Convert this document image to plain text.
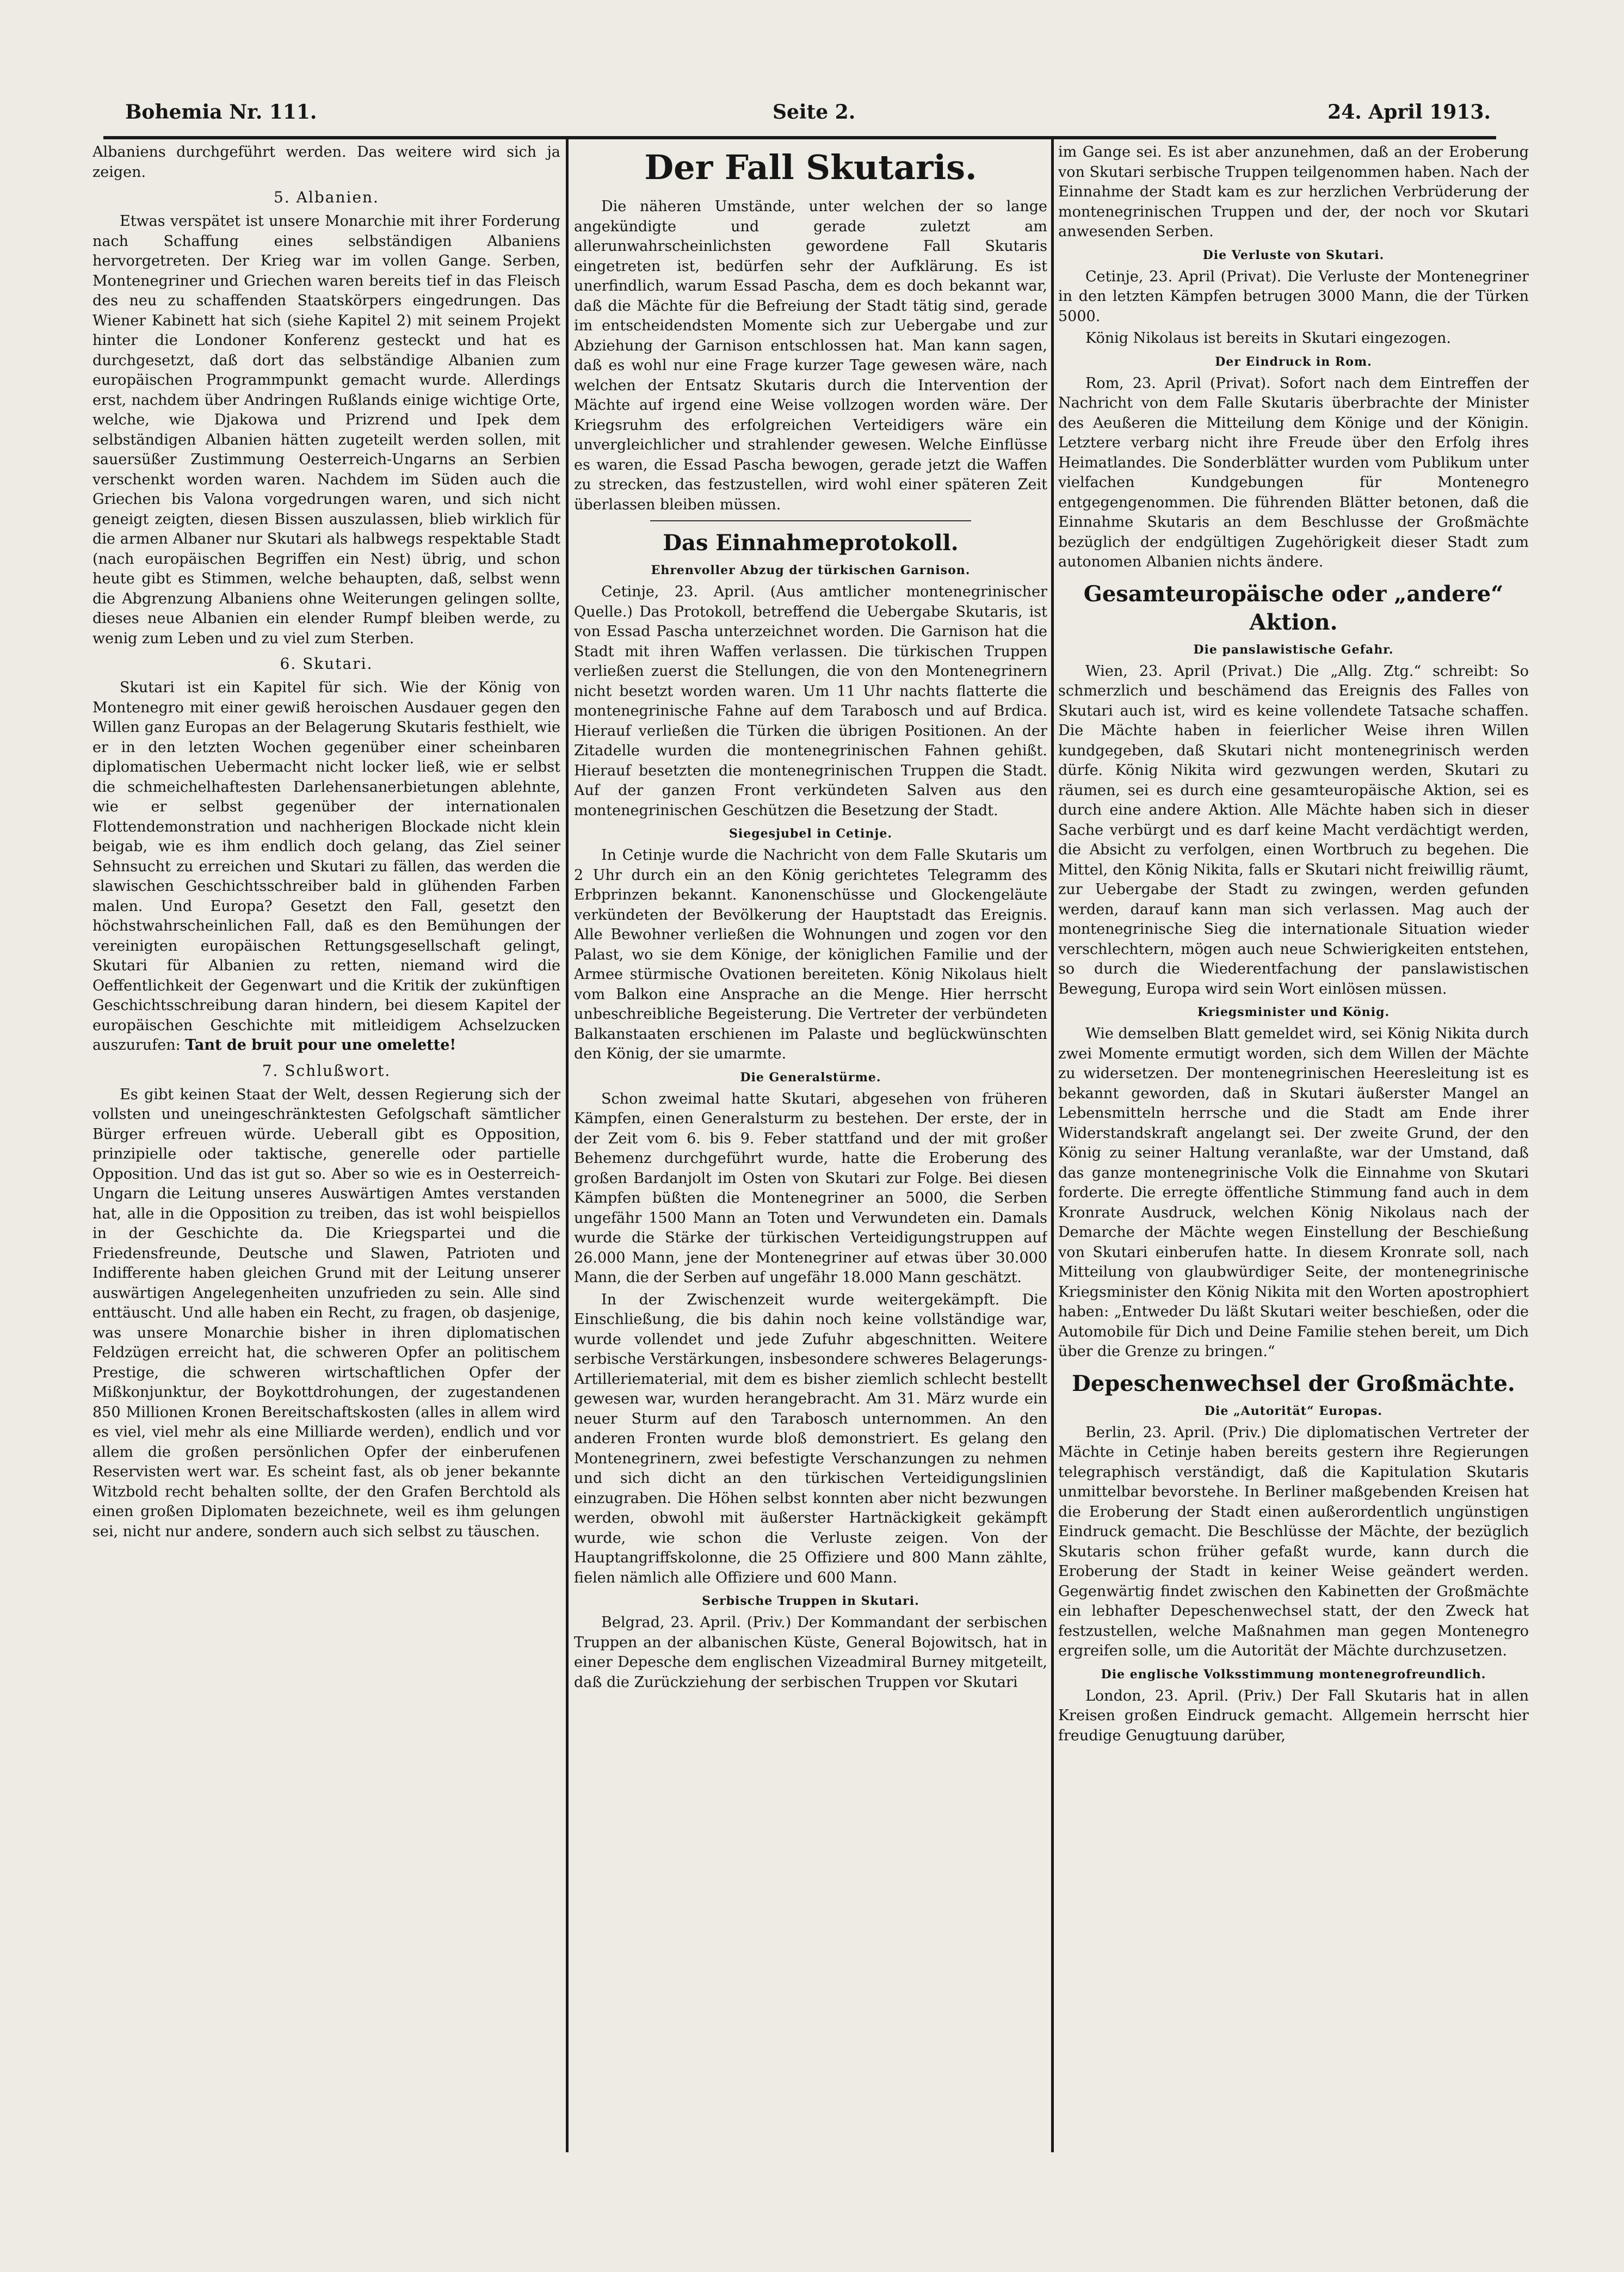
Bohemia Nr. 111.	Seite 2.	24. April 1913.

Albaniens durchgeführt werden. Das weitere wird sich ja zeigen.

5. Albanien.

Etwas verspätet ist unsere Monarchie mit ihrer Forderung nach Schaffung eines selbständigen Albaniens hervorgetreten. Der Krieg war im vollen Gange. Serben, Montenegriner und Griechen waren bereits tief in das Fleisch des neu zu schaffenden Staatskörpers eingedrungen. Das Wiener Kabinett hat sich (siehe Kapitel 2) mit seinem Projekt hinter die Londoner Konferenz gesteckt und hat es durchgesetzt, daß dort das selbständige Albanien zum europäischen Programmpunkt gemacht wurde. Allerdings erst, nachdem über Andringen Rußlands einige wichtige Orte, welche, wie Djakowa und Prizrend und Ipek dem selbständigen Albanien hätten zugeteilt werden sollen, mit sauersüßer Zustimmung Oesterreich-Ungarns an Serbien verschenkt worden waren. Nachdem im Süden auch die Griechen bis Valona vorgedrungen waren, und sich nicht geneigt zeigten, diesen Bissen auszulassen, blieb wirklich für die armen Albaner nur Skutari als halbwegs respektable Stadt (nach europäischen Begriffen ein Nest) übrig, und schon heute gibt es Stimmen, welche behaupten, daß, selbst wenn die Abgrenzung Albaniens ohne Weiterungen gelingen sollte, dieses neue Albanien ein elender Rumpf bleiben werde, zu wenig zum Leben und zu viel zum Sterben.

6. Skutari.

Skutari ist ein Kapitel für sich. Wie der König von Montenegro mit einer gewiß heroischen Ausdauer gegen den Willen ganz Europas an der Belagerung Skutaris festhielt, wie er in den letzten Wochen gegenüber einer scheinbaren diplomatischen Uebermacht nicht locker ließ, wie er selbst die schmeichelhaftesten Darlehensanerbietungen ablehnte, wie er selbst gegenüber der internationalen Flottendemonstration und nachherigen Blockade nicht klein beigab, wie es ihm endlich doch gelang, das Ziel seiner Sehnsucht zu erreichen und Skutari zu fällen, das werden die slawischen Geschichtsschreiber bald in glühenden Farben malen. Und Europa? Gesetzt den Fall, gesetzt den höchstwahrscheinlichen Fall, daß es den Bemühungen der vereinigten europäischen Rettungsgesellschaft gelingt, Skutari für Albanien zu retten, niemand wird die Oeffentlichkeit der Gegenwart und die Kritik der zukünftigen Geschichtsschreibung daran hindern, bei diesem Kapitel der europäischen Geschichte mit mitleidigem Achselzucken auszurufen: Tant de bruit pour une omelette!

7. Schlußwort.

Es gibt keinen Staat der Welt, dessen Regierung sich der vollsten und uneingeschränktesten Gefolgschaft sämtlicher Bürger erfreuen würde. Ueberall gibt es Opposition, prinzipielle oder taktische, generelle oder partielle Opposition. Und das ist gut so. Aber so wie es in Oesterreich-Ungarn die Leitung unseres Auswärtigen Amtes verstanden hat, alle in die Opposition zu treiben, das ist wohl beispiellos in der Geschichte da. Die Kriegspartei und die Friedensfreunde, Deutsche und Slawen, Patrioten und Indifferente haben gleichen Grund mit der Leitung unserer auswärtigen Angelegenheiten unzufrieden zu sein. Alle sind enttäuscht. Und alle haben ein Recht, zu fragen, ob dasjenige, was unsere Monarchie bisher in ihren diplomatischen Feldzügen erreicht hat, die schweren Opfer an politischem Prestige, die schweren wirtschaftlichen Opfer der Mißkonjunktur, der Boykottdrohungen, der zugestandenen 850 Millionen Kronen Bereitschaftskosten (alles in allem wird es viel, viel mehr als eine Milliarde werden), endlich und vor allem die großen persönlichen Opfer der einberufenen Reservisten wert war. Es scheint fast, als ob jener bekannte Witzbold recht behalten sollte, der den Grafen Berchtold als einen großen Diplomaten bezeichnete, weil es ihm gelungen sei, nicht nur andere, sondern auch sich selbst zu täuschen.

Der Fall Skutaris.

Die näheren Umstände, unter welchen der so lange angekündigte und gerade zuletzt am allerunwahrscheinlichsten gewordene Fall Skutaris eingetreten ist, bedürfen sehr der Aufklärung. Es ist unerfindlich, warum Essad Pascha, dem es doch bekannt war, daß die Mächte für die Befreiung der Stadt tätig sind, gerade im entscheidendsten Momente sich zur Uebergabe und zur Abziehung der Garnison entschlossen hat. Man kann sagen, daß es wohl nur eine Frage kurzer Tage gewesen wäre, nach welchen der Entsatz Skutaris durch die Intervention der Mächte auf irgend eine Weise vollzogen worden wäre. Der Kriegsruhm des erfolgreichen Verteidigers wäre ein unvergleichlicher und strahlender gewesen. Welche Einflüsse es waren, die Essad Pascha bewogen, gerade jetzt die Waffen zu strecken, das festzustellen, wird wohl einer späteren Zeit überlassen bleiben müssen.

Das Einnahmeprotokoll.
Ehrenvoller Abzug der türkischen Garnison.

Cetinje, 23. April. (Aus amtlicher montenegrinischer Quelle.) Das Protokoll, betreffend die Uebergabe Skutaris, ist von Essad Pascha unterzeichnet worden. Die Garnison hat die Stadt mit ihren Waffen verlassen. Die türkischen Truppen verließen zuerst die Stellungen, die von den Montenegrinern nicht besetzt worden waren. Um 11 Uhr nachts flatterte die montenegrinische Fahne auf dem Tarabosch und auf Brdica. Hierauf verließen die Türken die übrigen Positionen. An der Zitadelle wurden die montenegrinischen Fahnen gehißt. Hierauf besetzten die montenegrinischen Truppen die Stadt. Auf der ganzen Front verkündeten Salven aus den montenegrinischen Geschützen die Besetzung der Stadt.

Siegesjubel in Cetinje.

In Cetinje wurde die Nachricht von dem Falle Skutaris um 2 Uhr durch ein an den König gerichtetes Telegramm des Erbprinzen bekannt. Kanonenschüsse und Glockengeläute verkündeten der Bevölkerung der Hauptstadt das Ereignis. Alle Bewohner verließen die Wohnungen und zogen vor den Palast, wo sie dem Könige, der königlichen Familie und der Armee stürmische Ovationen bereiteten. König Nikolaus hielt vom Balkon eine Ansprache an die Menge. Hier herrscht unbeschreibliche Begeisterung. Die Vertreter der verbündeten Balkanstaaten erschienen im Palaste und beglückwünschten den König, der sie umarmte.

Die Generalstürme.

Schon zweimal hatte Skutari, abgesehen von früheren Kämpfen, einen Generalsturm zu bestehen. Der erste, der in der Zeit vom 6. bis 9. Feber stattfand und der mit großer Behemenz durchgeführt wurde, hatte die Eroberung des großen Bardanjolt im Osten von Skutari zur Folge. Bei diesen Kämpfen büßten die Montenegriner an 5000, die Serben ungefähr 1500 Mann an Toten und Verwundeten ein. Damals wurde die Stärke der türkischen Verteidigungstruppen auf 26.000 Mann, jene der Montenegriner auf etwas über 30.000 Mann, die der Serben auf ungefähr 18.000 Mann geschätzt.

In der Zwischenzeit wurde weitergekämpft. Die Einschließung, die bis dahin noch keine vollständige war, wurde vollendet und jede Zufuhr abgeschnitten. Weitere serbische Verstärkungen, insbesondere schweres Belagerungs-Artilleriematerial, mit dem es bisher ziemlich schlecht bestellt gewesen war, wurden herangebracht. Am 31. März wurde ein neuer Sturm auf den Tarabosch unternommen. An den anderen Fronten wurde bloß demonstriert. Es gelang den Montenegrinern, zwei befestigte Verschanzungen zu nehmen und sich dicht an den türkischen Verteidigungslinien einzugraben. Die Höhen selbst konnten aber nicht bezwungen werden, obwohl mit äußerster Hartnäckigkeit gekämpft wurde, wie schon die Verluste zeigen. Von der Hauptangriffskolonne, die 25 Offiziere und 800 Mann zählte, fielen nämlich alle Offiziere und 600 Mann.

Serbische Truppen in Skutari.

Belgrad, 23. April. (Priv.) Der Kommandant der serbischen Truppen an der albanischen Küste, General Bojowitsch, hat in einer Depesche dem englischen Vizeadmiral Burney mitgeteilt, daß die Zurückziehung der serbischen Truppen vor Skutari

im Gange sei. Es ist aber anzunehmen, daß an der Eroberung von Skutari serbische Truppen teilgenommen haben. Nach der Einnahme der Stadt kam es zur herzlichen Verbrüderung der montenegrinischen Truppen und der, der noch vor Skutari anwesenden Serben.

Die Verluste von Skutari.

Cetinje, 23. April (Privat). Die Verluste der Montenegriner in den letzten Kämpfen betrugen 3000 Mann, die der Türken 5000.

König Nikolaus ist bereits in Skutari eingezogen.

Der Eindruck in Rom.

Rom, 23. April (Privat). Sofort nach dem Eintreffen der Nachricht von dem Falle Skutaris überbrachte der Minister des Aeußeren die Mitteilung dem Könige und der Königin. Letztere verbarg nicht ihre Freude über den Erfolg ihres Heimatlandes. Die Sonderblätter wurden vom Publikum unter vielfachen Kundgebungen für Montenegro entgegengenommen. Die führenden Blätter betonen, daß die Einnahme Skutaris an dem Beschlusse der Großmächte bezüglich der endgültigen Zugehörigkeit dieser Stadt zum autonomen Albanien nichts ändere.

Gesamteuropäische oder „andere“ Aktion.
Die panslawistische Gefahr.

Wien, 23. April (Privat.) Die „Allg. Ztg.“ schreibt: So schmerzlich und beschämend das Ereignis des Falles von Skutari auch ist, wird es keine vollendete Tatsache schaffen. Die Mächte haben in feierlicher Weise ihren Willen kundgegeben, daß Skutari nicht montenegrinisch werden dürfe. König Nikita wird gezwungen werden, Skutari zu räumen, sei es durch eine gesamteuropäische Aktion, sei es durch eine andere Aktion. Alle Mächte haben sich in dieser Sache verbürgt und es darf keine Macht verdächtigt werden, die Absicht zu verfolgen, einen Wortbruch zu begehen. Die Mittel, den König Nikita, falls er Skutari nicht freiwillig räumt, zur Uebergabe der Stadt zu zwingen, werden gefunden werden, darauf kann man sich verlassen. Mag auch der montenegrinische Sieg die internationale Situation wieder verschlechtern, mögen auch neue Schwierigkeiten entstehen, so durch die Wiederentfachung der panslawistischen Bewegung, Europa wird sein Wort einlösen müssen.

Kriegsminister und König.

Wie demselben Blatt gemeldet wird, sei König Nikita durch zwei Momente ermutigt worden, sich dem Willen der Mächte zu widersetzen. Der montenegrinischen Heeresleitung ist es bekannt geworden, daß in Skutari äußerster Mangel an Lebensmitteln herrsche und die Stadt am Ende ihrer Widerstandskraft angelangt sei. Der zweite Grund, der den König zu seiner Haltung veranlaßte, war der Umstand, daß das ganze montenegrinische Volk die Einnahme von Skutari forderte. Die erregte öffentliche Stimmung fand auch in dem Kronrate Ausdruck, welchen König Nikolaus nach der Demarche der Mächte wegen Einstellung der Beschießung von Skutari einberufen hatte. In diesem Kronrate soll, nach Mitteilung von glaubwürdiger Seite, der montenegrinische Kriegsminister den König Nikita mit den Worten apostrophiert haben: „Entweder Du läßt Skutari weiter beschießen, oder die Automobile für Dich und Deine Familie stehen bereit, um Dich über die Grenze zu bringen.“

Depeschenwechsel der Großmächte.
Die „Autorität“ Europas.

Berlin, 23. April. (Priv.) Die diplomatischen Vertreter der Mächte in Cetinje haben bereits gestern ihre Regierungen telegraphisch verständigt, daß die Kapitulation Skutaris unmittelbar bevorstehe. In Berliner maßgebenden Kreisen hat die Eroberung der Stadt einen außerordentlich ungünstigen Eindruck gemacht. Die Beschlüsse der Mächte, der bezüglich Skutaris schon früher gefaßt wurde, kann durch die Eroberung der Stadt in keiner Weise geändert werden. Gegenwärtig findet zwischen den Kabinetten der Großmächte ein lebhafter Depeschenwechsel statt, der den Zweck hat festzustellen, welche Maßnahmen man gegen Montenegro ergreifen solle, um die Autorität der Mächte durchzusetzen.

Die englische Volksstimmung montenegrofreundlich.

London, 23. April. (Priv.) Der Fall Skutaris hat in allen Kreisen großen Eindruck gemacht. Allgemein herrscht hier freudige Genugtuung darüber,
